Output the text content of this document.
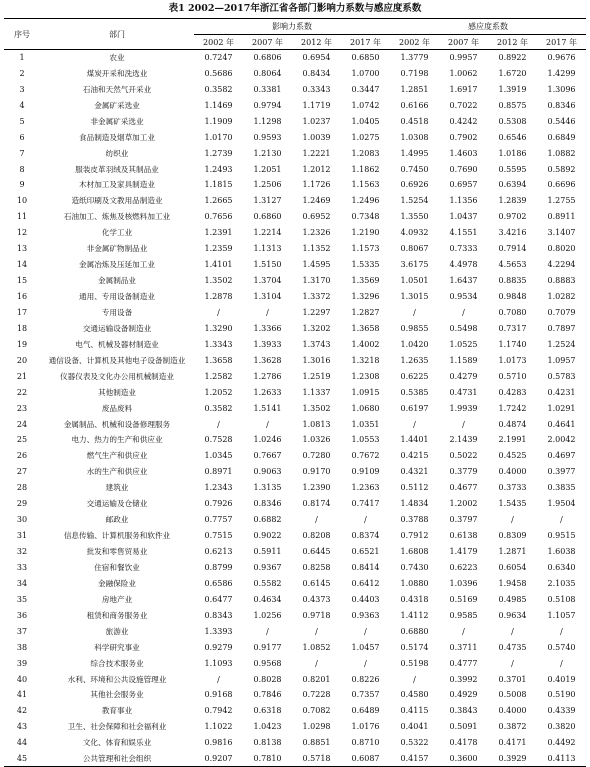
表1 2002—2017年浙江省各部门影响力系数与感应度系数
序号	部门	影响力系数				感应度系数			
		2002 年	2007 年	2012 年	2017 年	2002 年	2007 年	2012 年	2017 年
1	农业	0.7247	0.6806	0.6954	0.6850	1.3779	0.9957	0.8922	0.9676
2	煤炭开采和洗选业	0.5686	0.8064	0.8434	1.0700	0.7198	1.0062	1.6720	1.4299
3	石油和天然气开采业	0.3582	0.3381	0.3343	0.3447	1.2851	1.6917	1.3919	1.3096
4	金属矿采选业	1.1469	0.9794	1.1719	1.0742	0.6166	0.7022	0.8575	0.8346
5	非金属矿采选业	1.1909	1.1298	1.0237	1.0405	0.4518	0.4242	0.5308	0.5446
6	食品制造及烟草加工业	1.0170	0.9593	1.0039	1.0275	1.0308	0.7902	0.6546	0.6849
7	纺织业	1.2739	1.2130	1.2221	1.2083	1.4995	1.4603	1.0186	1.0882
8	服装皮革羽绒及其制品业	1.2493	1.2051	1.2012	1.1862	0.7450	0.7690	0.5595	0.5892
9	木材加工及家具制造业	1.1815	1.2506	1.1726	1.1563	0.6926	0.6957	0.6394	0.6696
10	造纸印刷及文教用品制造业	1.2665	1.3127	1.2469	1.2496	1.5254	1.1356	1.2839	1.2755
11	石油加工、炼焦及核燃料加工业	0.7656	0.6860	0.6952	0.7348	1.3550	1.0437	0.9702	0.8911
12	化学工业	1.2391	1.2214	1.2326	1.2190	4.0932	4.1551	3.4216	3.1407
13	非金属矿物制品业	1.2359	1.1313	1.1352	1.1573	0.8067	0.7333	0.7914	0.8020
14	金属冶炼及压延加工业	1.4101	1.5150	1.4595	1.5335	3.6175	4.4978	4.5653	4.2294
15	金属制品业	1.3502	1.3704	1.3170	1.3569	1.0501	1.6437	0.8835	0.8883
16	通用、专用设备制造业	1.2878	1.3104	1.3372	1.3296	1.3015	0.9534	0.9848	1.0282
17	专用设备	/	/	1.2297	1.2827	/	/	0.7080	0.7079
18	交通运输设备制造业	1.3290	1.3366	1.3202	1.3658	0.9855	0.5498	0.7317	0.7897
19	电气、机械及器材制造业	1.3343	1.3933	1.3743	1.4002	1.0420	1.0525	1.1740	1.2524
20	通信设备、计算机及其他电子设备制造业	1.3658	1.3628	1.3016	1.3218	1.2635	1.1589	1.0173	1.0957
21	仪器仪表及文化办公用机械制造业	1.2582	1.2786	1.2519	1.2308	0.6225	0.4279	0.5710	0.5783
22	其他制造业	1.2052	1.2633	1.1337	1.0915	0.5385	0.4731	0.4283	0.4231
23	废品废料	0.3582	1.5141	1.3502	1.0680	0.6197	1.9939	1.7242	1.0291
24	金属制品、机械和设备修理服务	/	/	1.0813	1.0351	/	/	0.4874	0.4641
25	电力、热力的生产和供应业	0.7528	1.0246	1.0326	1.0553	1.4401	2.1439	2.1991	2.0042
26	燃气生产和供应业	1.0345	0.7667	0.7280	0.7672	0.4215	0.5022	0.4525	0.4697
27	水的生产和供应业	0.8971	0.9063	0.9170	0.9109	0.4321	0.3779	0.4000	0.3977
28	建筑业	1.2343	1.3135	1.2390	1.2363	0.5112	0.4677	0.3733	0.3835
29	交通运输及仓储业	0.7926	0.8346	0.8174	0.7417	1.4834	1.2002	1.5435	1.9504
30	邮政业	0.7757	0.6882	/	/	0.3788	0.3797	/	/
31	信息传输、计算机服务和软件业	0.7515	0.9022	0.8208	0.8374	0.7912	0.6138	0.8309	0.9515
32	批发和零售贸易业	0.6213	0.5911	0.6445	0.6521	1.6808	1.4179	1.2871	1.6038
33	住宿和餐饮业	0.8799	0.9367	0.8258	0.8414	0.7430	0.6223	0.6054	0.6340
34	金融保险业	0.6586	0.5582	0.6145	0.6412	1.0880	1.0396	1.9458	2.1035
35	房地产业	0.6477	0.4634	0.4373	0.4403	0.4318	0.5169	0.4985	0.5108
36	租赁和商务服务业	0.8343	1.0256	0.9718	0.9363	1.4112	0.9585	0.9634	1.1057
37	旅游业	1.3393	/	/	/	0.6880	/	/	/
38	科学研究事业	0.9279	0.9177	1.0852	1.0457	0.5174	0.3711	0.4735	0.5740
39	综合技术服务业	1.1093	0.9568	/	/	0.5198	0.4777	/	/
40	水利、环境和公共设施管理业	/	0.8028	0.8201	0.8226	/	0.3992	0.3701	0.4019
41	其他社会服务业	0.9168	0.7846	0.7228	0.7357	0.4580	0.4929	0.5008	0.5190
42	教育事业	0.7942	0.6318	0.7082	0.6489	0.4115	0.3843	0.4000	0.4339
43	卫生、社会保障和社会福利业	1.1022	1.0423	1.0298	1.0176	0.4041	0.5091	0.3872	0.3820
44	文化、体育和娱乐业	0.9816	0.8138	0.8851	0.8710	0.5322	0.4178	0.4171	0.4492
45	公共管理和社会组织	0.9207	0.7810	0.5718	0.6087	0.4157	0.3600	0.3929	0.4113
